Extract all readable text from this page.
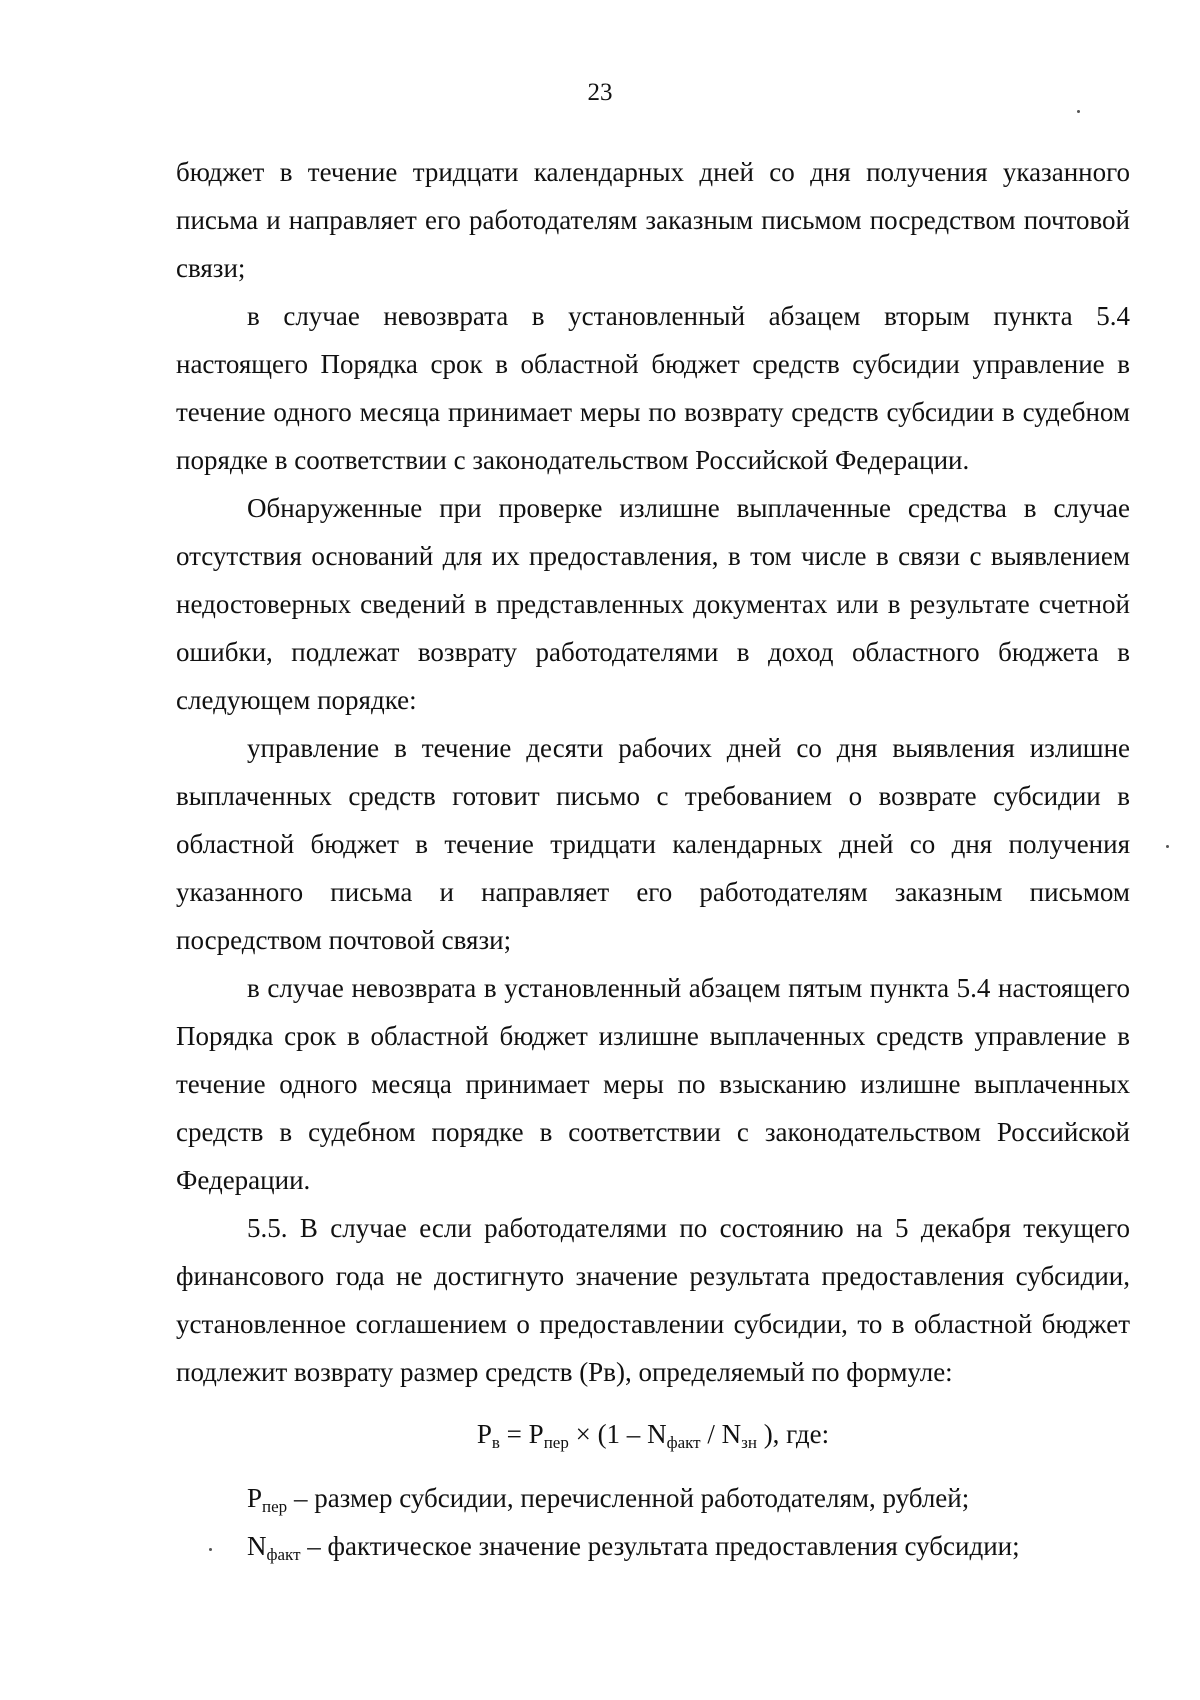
23

бюджет в течение тридцати календарных дней со дня получения указанного письма и направляет его работодателям заказным письмом посредством почтовой связи;

в случае невозврата в установленный абзацем вторым пункта 5.4 настоящего Порядка срок в областной бюджет средств субсидии управление в течение одного месяца принимает меры по возврату средств субсидии в судебном порядке в соответствии с законодательством Российской Федерации.

Обнаруженные при проверке излишне выплаченные средства в случае отсутствия оснований для их предоставления, в том числе в связи с выявлением недостоверных сведений в представленных документах или в результате счетной ошибки, подлежат возврату работодателями в доход областного бюджета в следующем порядке:

управление в течение десяти рабочих дней со дня выявления излишне выплаченных средств готовит письмо с требованием о возврате субсидии в областной бюджет в течение тридцати календарных дней со дня получения указанного письма и направляет его работодателям заказным письмом посредством почтовой связи;

в случае невозврата в установленный абзацем пятым пункта 5.4 настоящего Порядка срок в областной бюджет излишне выплаченных средств управление в течение одного месяца принимает меры по взысканию излишне выплаченных средств в судебном порядке в соответствии с законодательством Российской Федерации.

5.5. В случае если работодателями по состоянию на 5 декабря текущего финансового года не достигнуто значение результата предоставления субсидии, установленное соглашением о предоставлении субсидии, то в областной бюджет подлежит возврату размер средств (Рв), определяемый по формуле:

$Р_в = Р_{пер} \times (1 - N_{факт} / N_{зн}$ ), где:

$Р_{пер}$ – размер субсидии, перечисленной работодателям, рублей;

$N_{факт}$ – фактическое значение результата предоставления субсидии;
